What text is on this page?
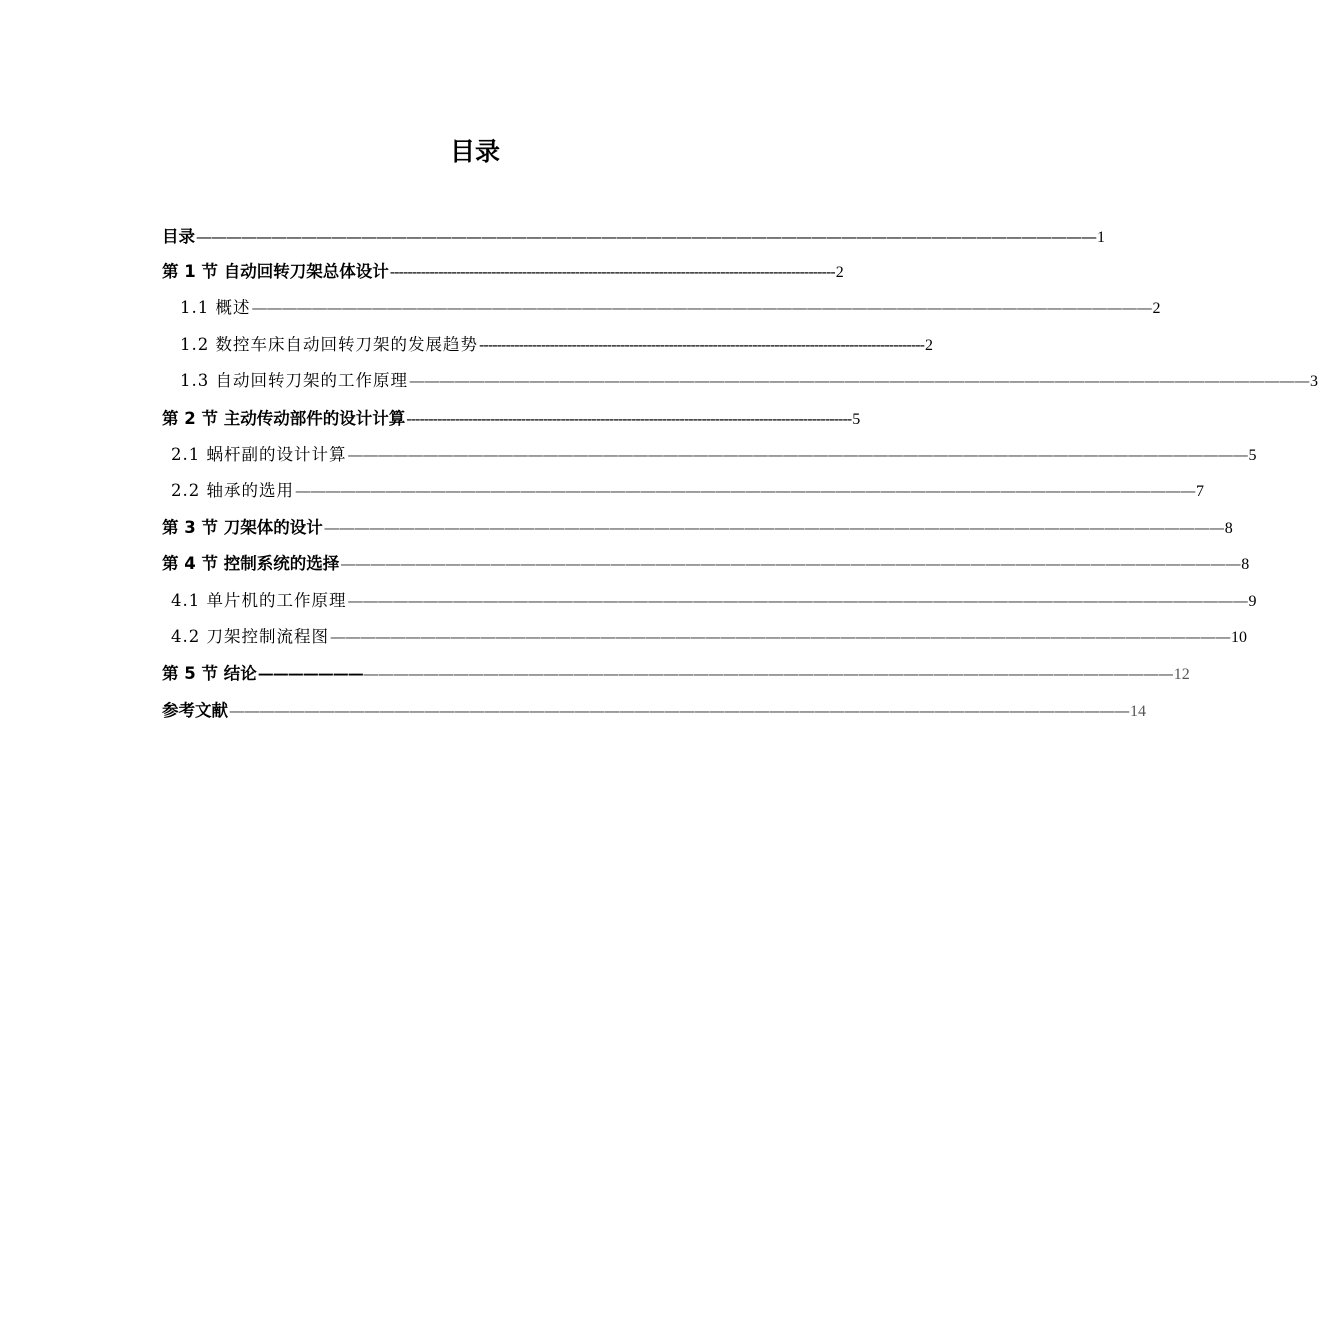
目录
目录 ———————————————————————————————————————————————————————————— 1
第 1 节 自动回转刀架总体设计 ----------------------------------------------------------------------------------------------------- 2
1.1 概述 ———————————————————————————————————————————————————————————— 2
1.2 数控车床自动回转刀架的发展趋势 ----------------------------------------------------------------------------------------------------- 2
1.3 自动回转刀架的工作原理 ———————————————————————————————————————————————————————————— 3
第 2 节 主动传动部件的设计计算 ----------------------------------------------------------------------------------------------------- 5
2.1 蜗杆副的设计计算 ———————————————————————————————————————————————————————————— 5
2.2 轴承的选用 ———————————————————————————————————————————————————————————— 7
第 3 节 刀架体的设计 ———————————————————————————————————————————————————————————— 8
第 4 节 控制系统的选择 ———————————————————————————————————————————————————————————— 8
4.1 单片机的工作原理 ———————————————————————————————————————————————————————————— 9
4.2 刀架控制流程图 ———————————————————————————————————————————————————————————— 10
第 5 节 结论 ————————————————————————————————————————————————————————————— 12
参考文献 ———————————————————————————————————————————————————————————— 14
